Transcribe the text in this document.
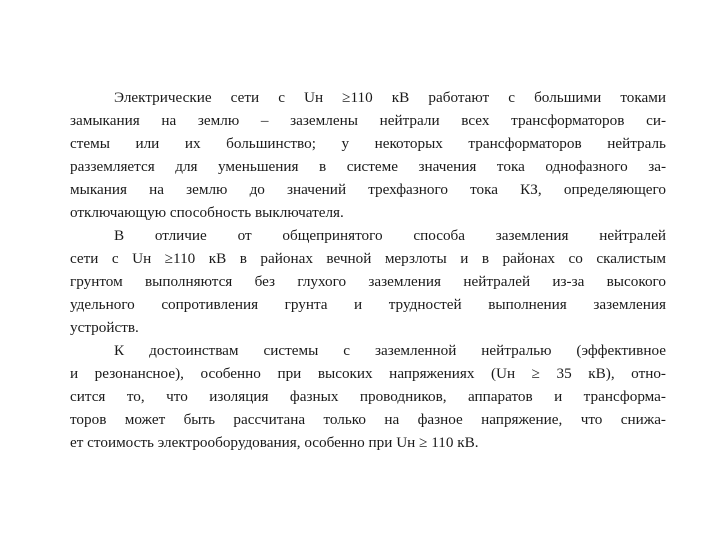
Электрические сети с Uн ≥110 кВ работают с большими токами
замыкания на землю – заземлены нейтрали всех трансформаторов си-
стемы или их большинство; у некоторых трансформаторов нейтраль
разземляется для уменьшения в системе значения тока однофазного за-
мыкания на землю до значений трехфазного тока КЗ, определяющего
отключающую способность выключателя.
В отличие от общепринятого способа заземления нейтралей
сети с Uн ≥110 кВ в районах вечной мерзлоты и в районах со скалистым
грунтом выполняются без глухого заземления нейтралей из-за высокого
удельного сопротивления грунта и трудностей выполнения заземления
устройств.
К достоинствам системы с заземленной нейтралью (эффективное
и резонансное), особенно при высоких напряжениях (Uн ≥ 35 кВ), отно-
сится то, что изоляция фазных проводников, аппаратов и трансформа-
торов может быть рассчитана только на фазное напряжение, что снижа-
ет стоимость электрооборудования, особенно при Uн ≥ 110 кВ.
